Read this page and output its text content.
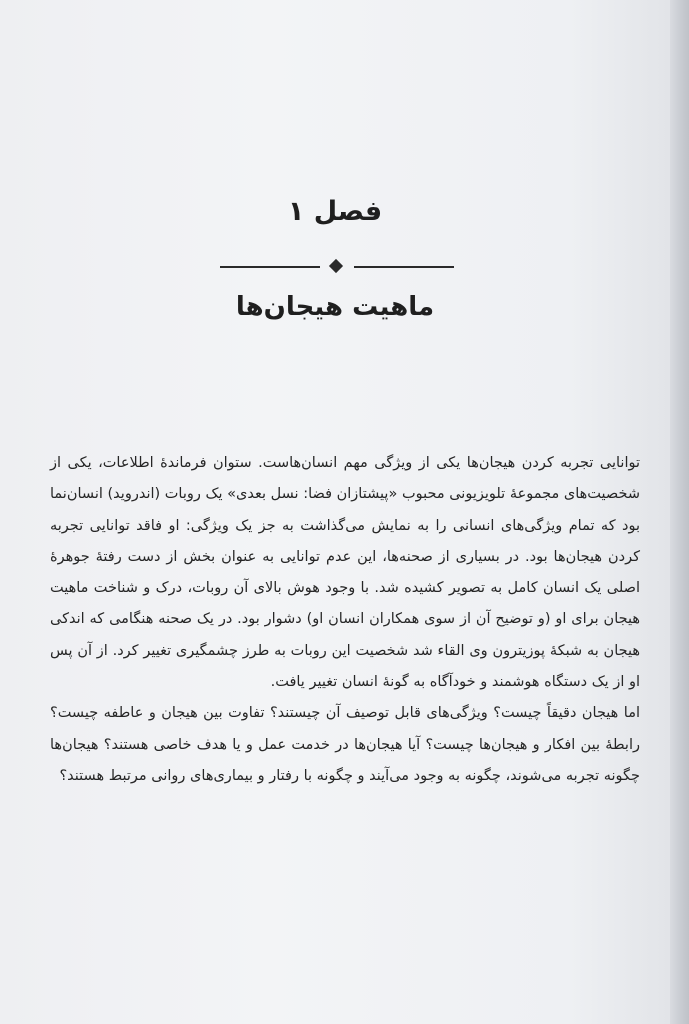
فصل ۱
ماهیت هیجان‌ها

توانایی تجربه کردن هیجان‌ها یکی از ویژگی مهم انسان‌هاست. ستوان فرماندهٔ اطلاعات، یکی از شخصیت‌های مجموعهٔ تلویزیونی محبوب «پیشتازان فضا: نسل بعدی» یک روبات (اندروید) انسان‌نما بود که تمام ویژگی‌های انسانی را به نمایش می‌گذاشت به جز یک ویژگی: او فاقد توانایی تجربه کردن هیجان‌ها بود. در بسیاری از صحنه‌ها، این عدم توانایی به عنوان بخش از دست رفتهٔ جوهرهٔ اصلی یک انسان کامل به تصویر کشیده شد. با وجود هوش بالای آن روبات، درک و شناخت ماهیت هیجان برای او (و توضیح آن از سوی همکاران انسان او) دشوار بود. در یک صحنه هنگامی که اندکی هیجان به شبکهٔ پوزیترون وی القاء شد شخصیت این روبات به طرز چشمگیری تغییر کرد. از آن پس او از یک دستگاه هوشمند و خودآگاه به گونهٔ انسان تغییر یافت.

اما هیجان دقیقاً چیست؟ ویژگی‌های قابل توصیف آن چیستند؟ تفاوت بین هیجان و عاطفه چیست؟ رابطهٔ بین افکار و هیجان‌ها چیست؟ آیا هیجان‌ها در خدمت عمل و یا هدف خاصی هستند؟ هیجان‌ها چگونه تجربه می‌شوند، چگونه به وجود می‌آیند و چگونه با رفتار و بیماری‌های روانی مرتبط هستند؟
